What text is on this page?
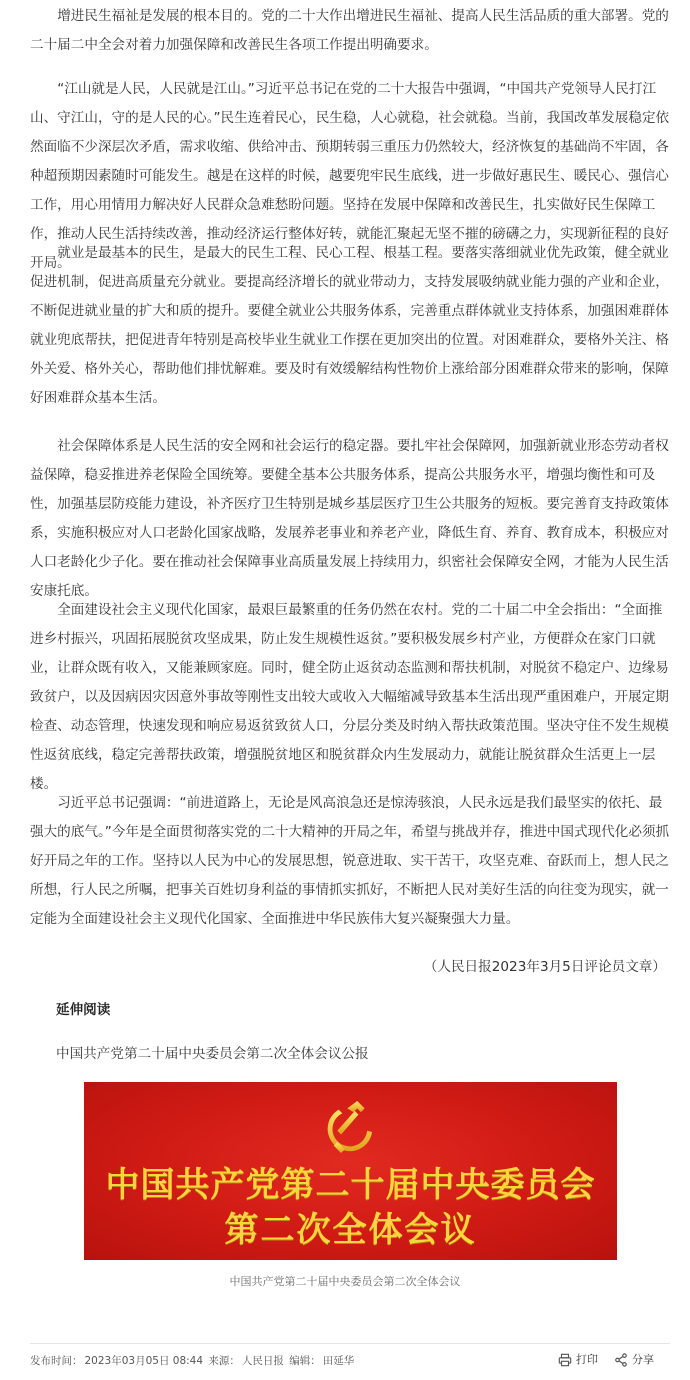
增进民生福祉是发展的根本目的。党的二十大作出增进民生福祉、提高人民生活品质的重大部署。党的二十届二中全会对着力加强保障和改善民生各项工作提出明确要求。

“江山就是人民，人民就是江山。”习近平总书记在党的二十大报告中强调，“中国共产党领导人民打江山、守江山，守的是人民的心。”民生连着民心，民生稳，人心就稳，社会就稳。当前，我国改革发展稳定依然面临不少深层次矛盾，需求收缩、供给冲击、预期转弱三重压力仍然较大，经济恢复的基础尚不牢固，各种超预期因素随时可能发生。越是在这样的时候，越要兜牢民生底线，进一步做好惠民生、暖民心、强信心工作，用心用情用力解决好人民群众急难愁盼问题。坚持在发展中保障和改善民生，扎实做好民生保障工作，推动人民生活持续改善，推动经济运行整体好转，就能汇聚起无坚不摧的磅礴之力，实现新征程的良好开局。

就业是最基本的民生，是最大的民生工程、民心工程、根基工程。要落实落细就业优先政策，健全就业促进机制，促进高质量充分就业。要提高经济增长的就业带动力，支持发展吸纳就业能力强的产业和企业，不断促进就业量的扩大和质的提升。要健全就业公共服务体系，完善重点群体就业支持体系，加强困难群体就业兜底帮扶，把促进青年特别是高校毕业生就业工作摆在更加突出的位置。对困难群众，要格外关注、格外关爱、格外关心，帮助他们排忧解难。要及时有效缓解结构性物价上涨给部分困难群众带来的影响，保障好困难群众基本生活。

社会保障体系是人民生活的安全网和社会运行的稳定器。要扎牢社会保障网，加强新就业形态劳动者权益保障，稳妥推进养老保险全国统筹。要健全基本公共服务体系，提高公共服务水平，增强均衡性和可及性，加强基层防疫能力建设，补齐医疗卫生特别是城乡基层医疗卫生公共服务的短板。要完善育支持政策体系，实施积极应对人口老龄化国家战略，发展养老事业和养老产业，降低生育、养育、教育成本，积极应对人口老龄化少子化。要在推动社会保障事业高质量发展上持续用力，织密社会保障安全网，才能为人民生活安康托底。

全面建设社会主义现代化国家，最艰巨最繁重的任务仍然在农村。党的二十届二中全会指出：“全面推进乡村振兴，巩固拓展脱贫攻坚成果，防止发生规模性返贫。”要积极发展乡村产业，方便群众在家门口就业，让群众既有收入，又能兼顾家庭。同时，健全防止返贫动态监测和帮扶机制，对脱贫不稳定户、边缘易致贫户，以及因病因灾因意外事故等刚性支出较大或收入大幅缩减导致基本生活出现严重困难户，开展定期检查、动态管理，快速发现和响应易返贫致贫人口，分层分类及时纳入帮扶政策范围。坚决守住不发生规模性返贫底线，稳定完善帮扶政策，增强脱贫地区和脱贫群众内生发展动力，就能让脱贫群众生活更上一层楼。

习近平总书记强调：“前进道路上，无论是风高浪急还是惊涛骇浪，人民永远是我们最坚实的依托、最强大的底气。”今年是全面贯彻落实党的二十大精神的开局之年，希望与挑战并存，推进中国式现代化必须抓好开局之年的工作。坚持以人民为中心的发展思想，锐意进取、实干苦干，攻坚克难、奋跃而上，想人民之所想，行人民之所嘱，把事关百姓切身利益的事情抓实抓好，不断把人民对美好生活的向往变为现实，就一定能为全面建设社会主义现代化国家、全面推进中华民族伟大复兴凝聚强大力量。

（人民日报2023年3月5日评论员文章）

延伸阅读

中国共产党第二十届中央委员会第二次全体会议公报
中国共产党第二十届中央委员会
第二次全体会议

中国共产党第二十届中央委员会第二次全体会议

发布时间： 2023年03月05日 08:44 来源： 人民日报 编辑： 田延华	打印	分享
